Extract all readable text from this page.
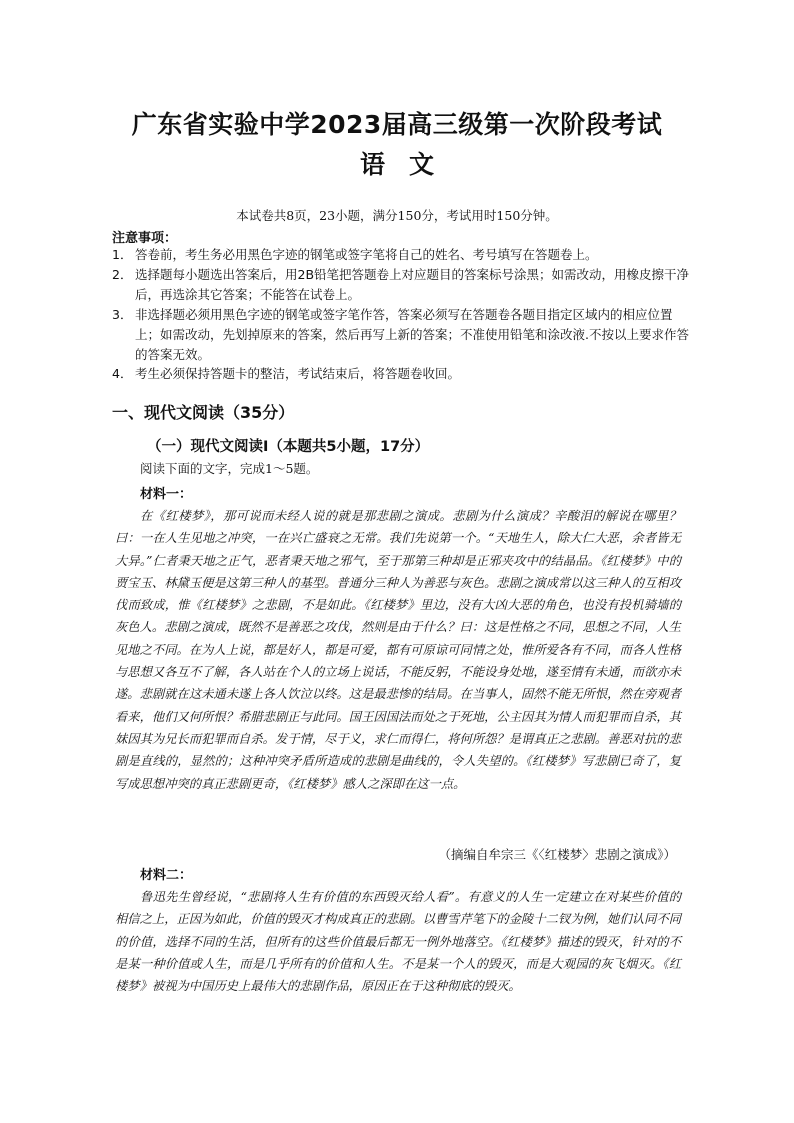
广东省实验中学2023届高三级第一次阶段考试
语文
本试卷共8页，23小题，满分150分，考试用时150分钟。
注意事项：
1． 答卷前，考生务必用黑色字迹的钢笔或签字笔将自己的姓名、考号填写在答题卷上。
2． 选择题每小题选出答案后，用2B铅笔把答题卷上对应题目的答案标号涂黑；如需改动，用橡皮擦干净后，再选涂其它答案；不能答在试卷上。
3． 非选择题必须用黑色字迹的钢笔或签字笔作答，答案必须写在答题卷各题目指定区域内的相应位置上；如需改动，先划掉原来的答案，然后再写上新的答案；不准使用铅笔和涂改液.不按以上要求作答的答案无效。
4． 考生必须保持答题卡的整洁，考试结束后，将答题卷收回。
一、现代文阅读（35分）
（一）现代文阅读Ⅰ（本题共5小题，17分）
阅读下面的文字，完成1～5题。
材料一：
在《红楼梦》，那可说而未经人说的就是那悲剧之演成。悲剧为什么演成？辛酸泪的解说在哪里？曰：一在人生见地之冲突，一在兴亡盛衰之无常。我们先说第一个。“天地生人，除大仁大恶，余者皆无大异。”仁者秉天地之正气，恶者秉天地之邪气，至于那第三种却是正邪夹攻中的结晶品。《红楼梦》中的贾宝玉、林黛玉便是这第三种人的基型。普通分三种人为善恶与灰色。悲剧之演成常以这三种人的互相攻伐而致成，惟《红楼梦》之悲剧，不是如此。《红楼梦》里边，没有大凶大恶的角色，也没有投机骑墙的灰色人。悲剧之演成，既然不是善恶之攻伐，然则是由于什么？曰：这是性格之不同，思想之不同，人生见地之不同。在为人上说，都是好人，都是可爱，都有可原谅可同情之处，惟所爱各有不同，而各人性格与思想又各互不了解，各人站在个人的立场上说话，不能反躬，不能设身处地，遂至情有未通，而欲亦未遂。悲剧就在这未通未遂上各人饮泣以终。这是最悲惨的结局。在当事人，固然不能无所恨，然在旁观者看来，他们又何所恨？希腊悲剧正与此同。国王因国法而处之于死地，公主因其为情人而犯罪而自杀，其妹因其为兄长而犯罪而自杀。发于情，尽于义，求仁而得仁，将何所怨？是谓真正之悲剧。善恶对抗的悲剧是直线的，显然的；这种冲突矛盾所造成的悲剧是曲线的，令人失望的。《红楼梦》写悲剧已奇了，复写成思想冲突的真正悲剧更奇，《红楼梦》感人之深即在这一点。
（摘编自牟宗三《〈红楼梦〉悲剧之演成》）
材料二：
鲁迅先生曾经说，“悲剧将人生有价值的东西毁灭给人看”。有意义的人生一定建立在对某些价值的相信之上，正因为如此，价值的毁灭才构成真正的悲剧。以曹雪芹笔下的金陵十二钗为例，她们认同不同的价值，选择不同的生活，但所有的这些价值最后都无一例外地落空。《红楼梦》描述的毁灭，针对的不是某一种价值或人生，而是几乎所有的价值和人生。不是某一个人的毁灭，而是大观园的灰飞烟灭。《红楼梦》被视为中国历史上最伟大的悲剧作品，原因正在于这种彻底的毁灭。
